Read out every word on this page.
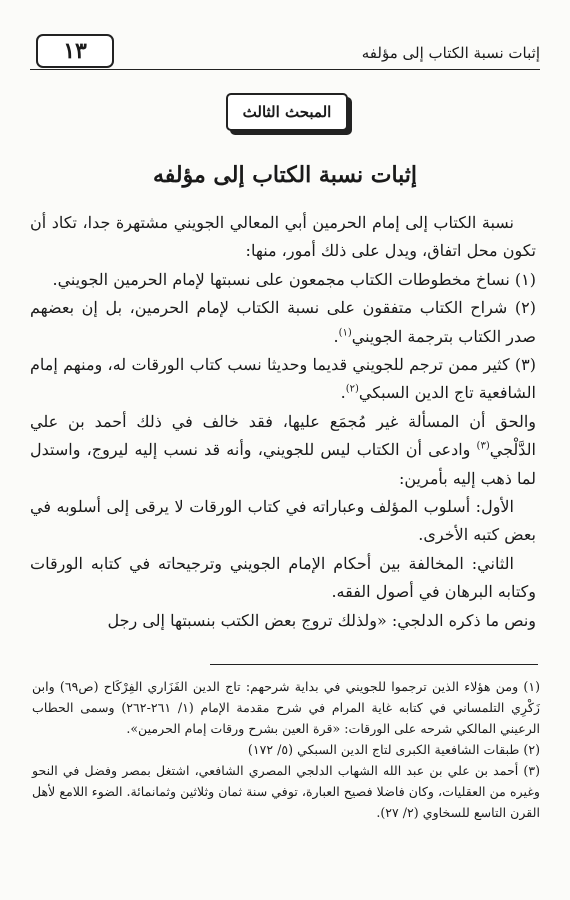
إثبات نسبة الكتاب إلى مؤلفه
١٣
المبحث الثالث
إثبات نسبة الكتاب إلى مؤلفه

نسبة الكتاب إلى إمام الحرمين أبي المعالي الجويني مشتهرة جدا، تكاد أن تكون محل اتفاق، ويدل على ذلك أمور، منها:

(١) نساخ مخطوطات الكتاب مجمعون على نسبتها لإمام الحرمين الجويني.

(٢) شراح الكتاب متفقون على نسبة الكتاب لإمام الحرمين، بل إن بعضهم صدر الكتاب بترجمة الجويني$^{(١)}$.

(٣) كثير ممن ترجم للجويني قديما وحديثا نسب كتاب الورقات له، ومنهم إمام الشافعية تاج الدين السبكي$^{(٢)}$.

والحق أن المسألة غير مُجمَع عليها، فقد خالف في ذلك أحمد بن علي الدَّلْجي$^{(٣)}$ وادعى أن الكتاب ليس للجويني، وأنه قد نسب إليه ليروج، واستدل لما ذهب إليه بأمرين:

الأول: أسلوب المؤلف وعباراته في كتاب الورقات لا يرقى إلى أسلوبه في بعض كتبه الأخرى.

الثاني: المخالفة بين أحكام الإمام الجويني وترجيحاته في كتابه الورقات وكتابه البرهان في أصول الفقه.

ونص ما ذكره الدلجي: «ولذلك تروج بعض الكتب بنسبتها إلى رجل

(١) ومن هؤلاء الذين ترجموا للجويني في بداية شرحهم: تاج الدين الفَزَاري الفِرْكَاح (ص٦٩) وابن زَكْرِي التلمساني في كتابه غاية المرام في شرح مقدمة الإمام (١/ ٢٦١-٢٦٢) وسمى الحطاب الرعيني المالكي شرحه على الورقات: «قرة العين بشرح ورقات إمام الحرمين».

(٢) طبقات الشافعية الكبرى لتاج الدين السبكي (٥/ ١٧٢)

(٣) أحمد بن علي بن عبد الله الشهاب الدلجي المصري الشافعي، اشتغل بمصر وفضل في النحو وغيره من العقليات، وكان فاضلا فصيح العبارة، توفي سنة ثمان وثلاثين وثمانمائة. الضوء اللامع لأهل القرن التاسع للسخاوي (٢/ ٢٧).
